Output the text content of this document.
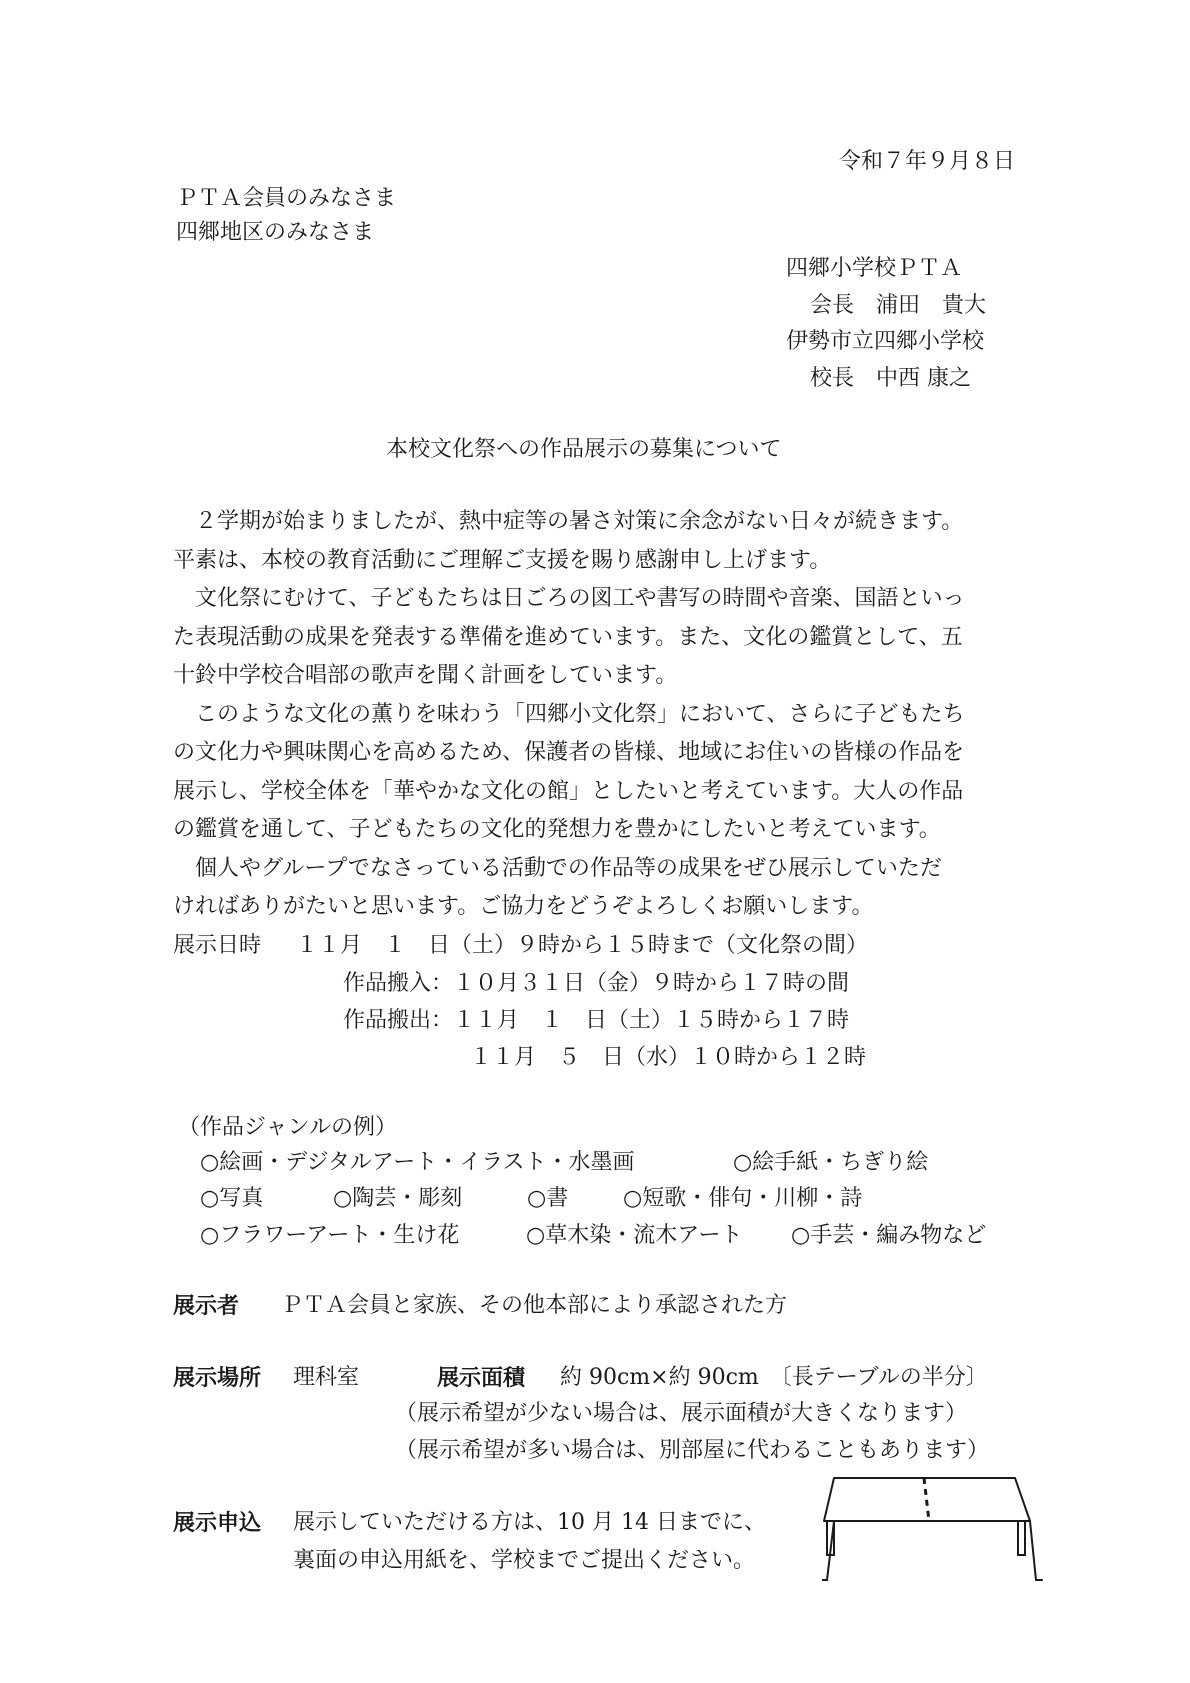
令和７年９月８日
ＰＴＡ会員のみなさま
四郷地区のみなさま
四郷小学校ＰＴＡ
会長　浦田　貴大
伊勢市立四郷小学校
校長　中西 康之
本校文化祭への作品展示の募集について

　２学期が始まりましたが、熱中症等の暑さ対策に余念がない日々が続きます。

平素は、本校の教育活動にご理解ご支援を賜り感謝申し上げます。

　文化祭にむけて、子どもたちは日ごろの図工や書写の時間や音楽、国語といっ

た表現活動の成果を発表する準備を進めています。また、文化の鑑賞として、五

十鈴中学校合唱部の歌声を聞く計画をしています。

　このような文化の薫りを味わう「四郷小文化祭」において、さらに子どもたち

の文化力や興味関心を高めるため、保護者の皆様、地域にお住いの皆様の作品を

展示し、学校全体を「華やかな文化の館」としたいと考えています。大人の作品

の鑑賞を通して、子どもたちの文化的発想力を豊かにしたいと考えています。

　個人やグループでなさっている活動での作品等の成果をぜひ展示していただ

ければありがたいと思います。ご協力をどうぞよろしくお願いします。

展示日時 １１月　１　日（土）９時から１５時まで（文化祭の間）
作品搬入：１０月３１日（金）９時から１７時の間
作品搬出：１１月　１　日（土）１５時から１７時
１１月　５　日（水）１０時から１２時
（作品ジャンルの例）
○絵画・デジタルアート・イラスト・水墨画	○絵手紙・ちぎり絵
○写真	○陶芸・彫刻	○書 ○短歌・俳句・川柳・詩
○フラワーアート・生け花	○草木染・流木アート ○手芸・編み物など
展示者 ＰＴＡ会員と家族、その他本部により承認された方
展示場所 理科室	展示面積 約 90cm×約 90cm　〔長テーブルの半分〕
（展示希望が少ない場合は、展示面積が大きくなります）
（展示希望が多い場合は、別部屋に代わることもあります）
展示申込 展示していただける方は、10 月 14 日までに、
裏面の申込用紙を、学校までご提出ください。
